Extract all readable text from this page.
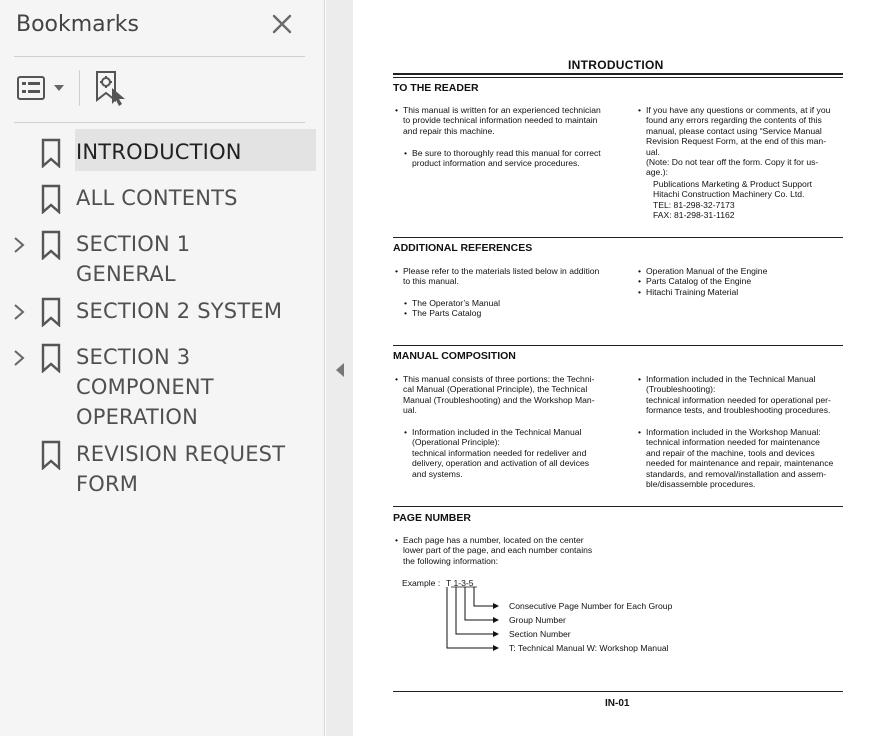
Bookmarks
INTRODUCTION
ALL CONTENTS
SECTION 1
GENERAL
SECTION 2 SYSTEM
SECTION 3
COMPONENT
OPERATION
REVISION REQUEST
FORM
INTRODUCTION
TO THE READER
• This manual is written for an experienced technician
to provide technical information needed to maintain
and repair this machine.
• Be sure to thoroughly read this manual for correct
product information and service procedures.
• If you have any questions or comments, at if you
found any errors regarding the contents of this
manual, please contact using “Service Manual
Revision Request Form, at the end of this man-
ual.
(Note: Do not tear off the form. Copy it for us-
age.):
Publications Marketing & Product Support
Hitachi Construction Machinery Co. Ltd.
TEL: 81-298-32-7173
FAX: 81-298-31-1162
ADDITIONAL REFERENCES
• Please refer to the materials listed below in addition
to this manual.
• The Operator’s Manual
• The Parts Catalog
• Operation Manual of the Engine
• Parts Catalog of the Engine
• Hitachi Training Material
MANUAL COMPOSITION
• This manual consists of three portions: the Techni-
cal Manual (Operational Principle), the Technical
Manual (Troubleshooting) and the Workshop Man-
ual.
• Information included in the Technical Manual
(Operational Principle):
technical information needed for redeliver and
delivery, operation and activation of all devices
and systems.
• Information included in the Technical Manual
(Troubleshooting):
technical information needed for operational per-
formance tests, and troubleshooting procedures.
• Information included in the Workshop Manual:
technical information needed for maintenance
and repair of the machine, tools and devices
needed for maintenance and repair, maintenance
standards, and removal/installation and assem-
ble/disassemble procedures.
PAGE NUMBER
• Each page has a number, located on the center
lower part of the page, and each number contains
the following information:
Example : T 1-3-5
Consecutive Page Number for Each Group
Group Number
Section Number
T: Technical Manual W: Workshop Manual
IN-01
